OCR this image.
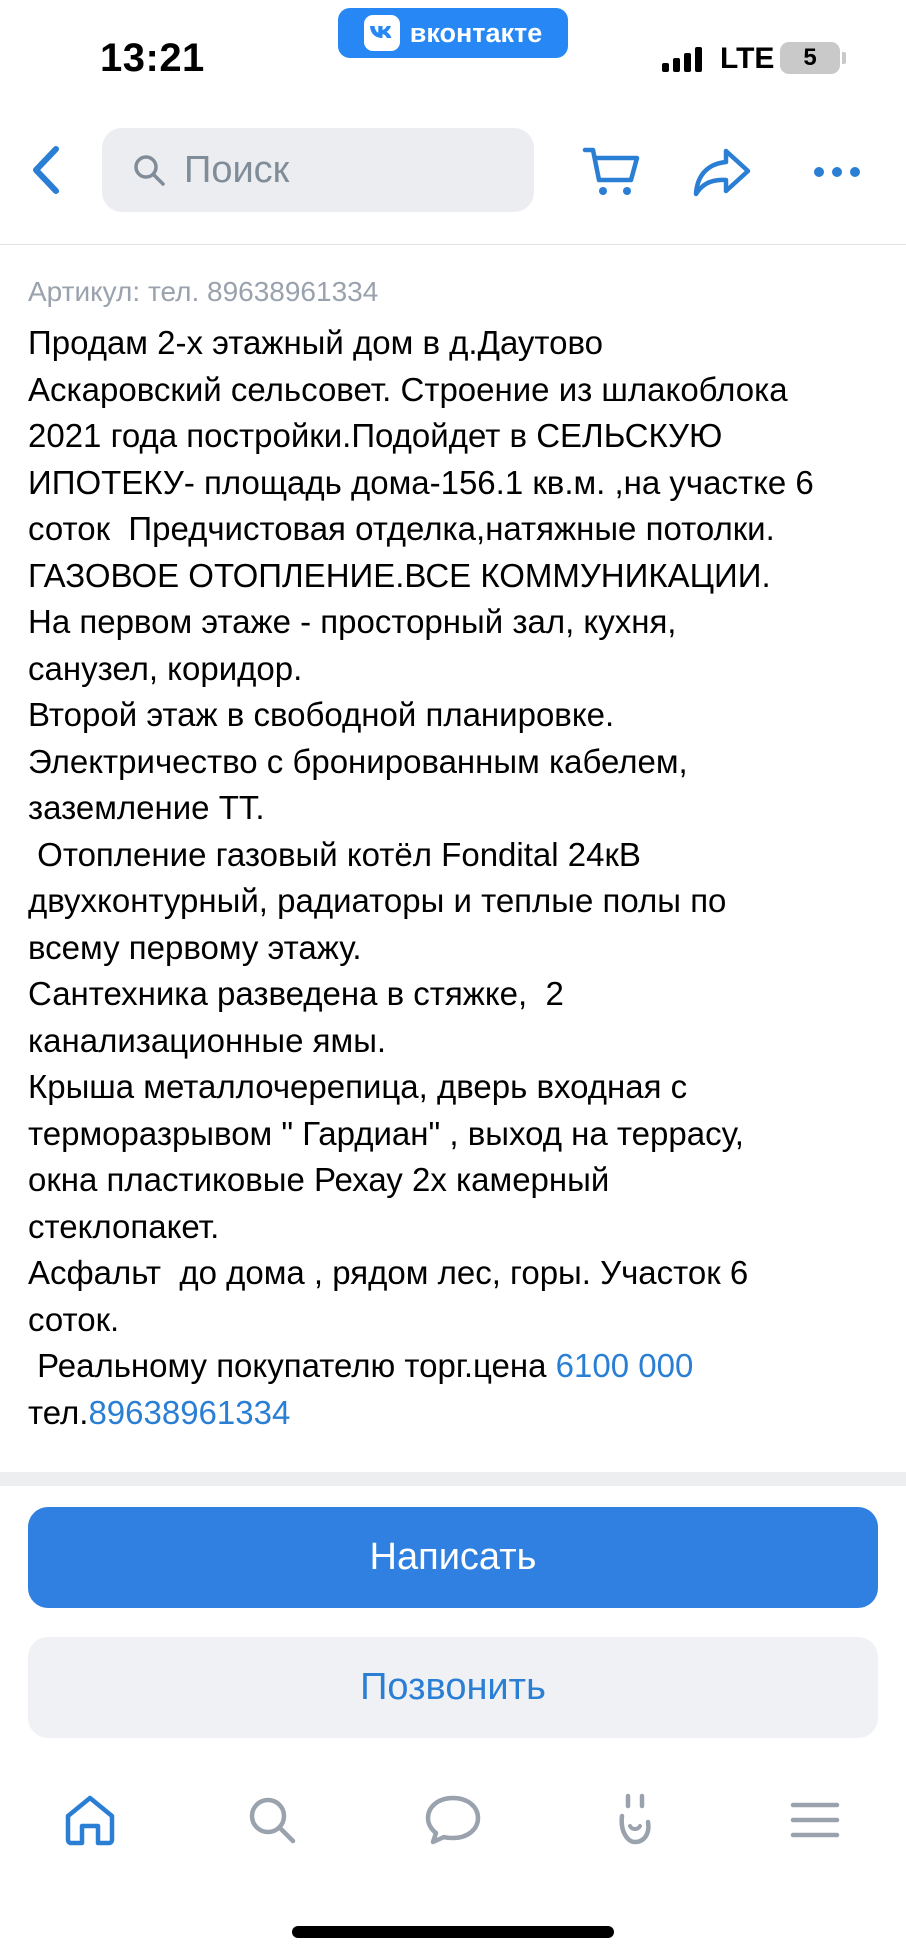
13:21
вконтакте
LTE 5
Поиск
Артикул: тел. 89638961334
Продам 2-х этажный дом в д.Даутово
Аскаровский сельсовет. Строение из шлакоблока
2021 года постройки.Подойдет в СЕЛЬСКУЮ
ИПОТЕКУ- площадь дома-156.1 кв.м. ,на участке 6
соток  Предчистовая отделка,натяжные потолки.
ГАЗОВОЕ ОТОПЛЕНИЕ.ВСЕ КОММУНИКАЦИИ.
На первом этаже - просторный зал, кухня,
санузел, коридор.
Второй этаж в свободной планировке.
Электричество с бронированным кабелем,
заземление ТТ.
Отопление газовый котёл Fondital 24кВ
двухконтурный, радиаторы и теплые полы по
всему первому этажу.
Сантехника разведена в стяжке,  2
канализационные ямы.
Крыша металлочерепица, дверь входная с
терморазрывом " Гардиан" , выход на террасу,
окна пластиковые Рехау 2х камерный
стеклопакет.
Асфальт  до дома , рядом лес, горы. Участок 6
соток.
Реальному покупателю торг.цена 6100 000
тел.89638961334
Написать
Позвонить
